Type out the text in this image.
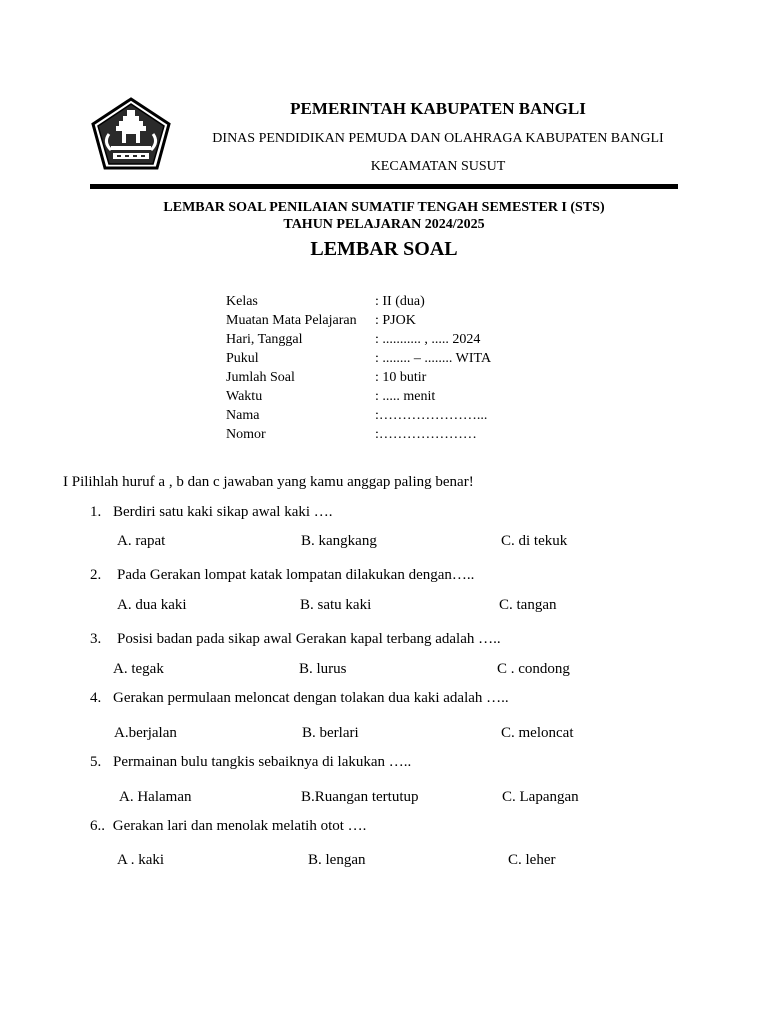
PEMERINTAH KABUPATEN BANGLI
DINAS PENDIDIKAN PEMUDA DAN OLAHRAGA KABUPATEN BANGLI
KECAMATAN SUSUT
LEMBAR SOAL PENILAIAN SUMATIF TENGAH SEMESTER I (STS)
TAHUN PELAJARAN 2024/2025
LEMBAR SOAL
Kelas	: II (dua)
Muatan Mata Pelajaran	: PJOK
Hari, Tanggal	: ........... , ..... 2024
Pukul	: ........ – ........ WITA
Jumlah Soal	: 10 butir
Waktu	: ..... menit
Nama	:…………………...
Nomor	:…………………
I Pilihlah huruf a , b dan c jawaban yang kamu anggap paling benar!
1. Berdiri satu kaki sikap awal kaki ….
A. rapat	B. kangkang	C. di tekuk
2. Pada Gerakan lompat katak lompatan dilakukan dengan…..
A. dua kaki	B. satu kaki	C. tangan
3. Posisi badan pada sikap awal Gerakan kapal terbang adalah …..
A. tegak	B. lurus	C . condong
4. Gerakan permulaan meloncat dengan tolakan dua kaki adalah …..
A.berjalan	B. berlari	C. meloncat
5. Permainan bulu tangkis sebaiknya di lakukan …..
A. Halaman	B.Ruangan tertutup	C. Lapangan
6.. Gerakan lari dan menolak melatih otot ….
A . kaki	B. lengan	C. leher
